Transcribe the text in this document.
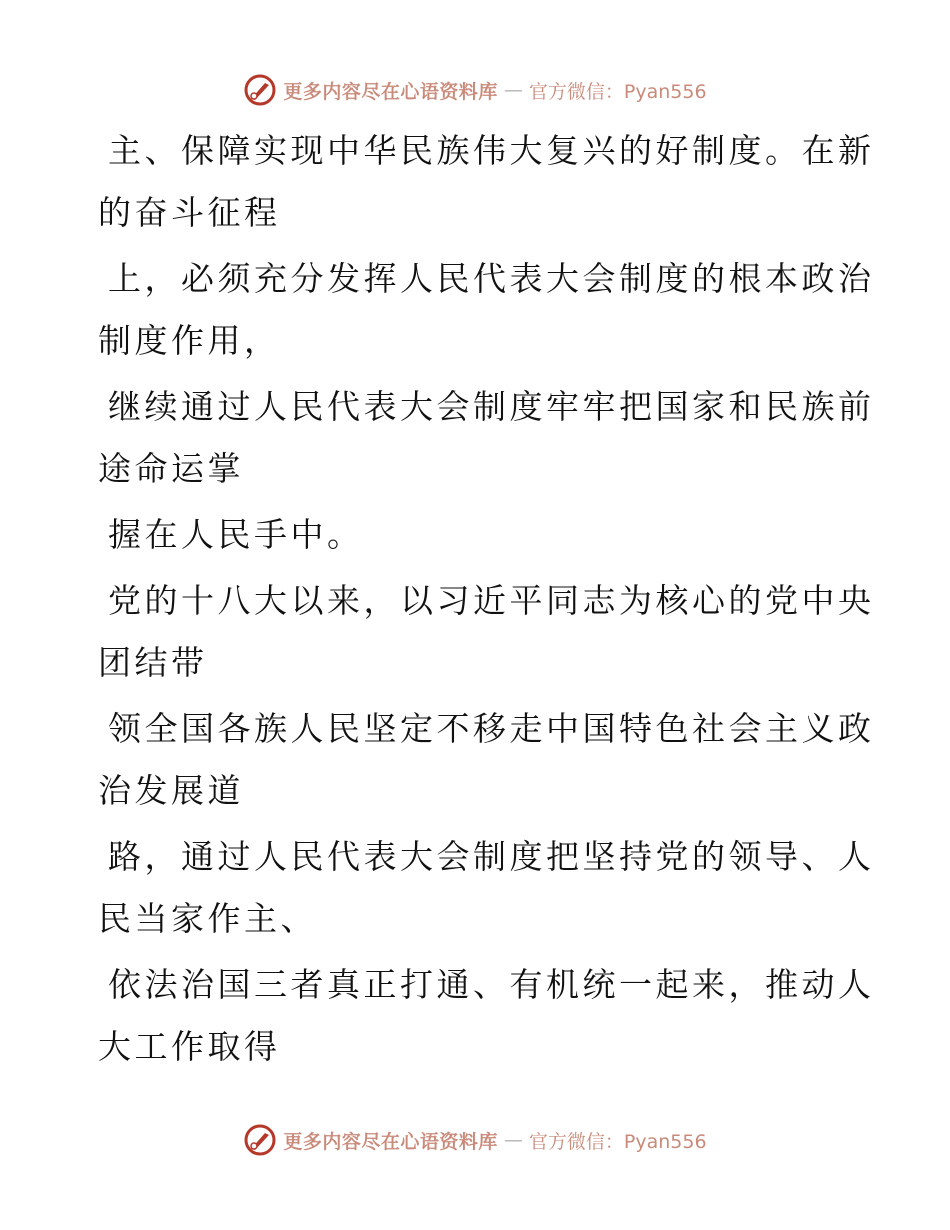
更多内容尽在心语资料库 — 官方微信：Pyan556

主、保障实现中华民族伟大复兴的好制度。在新
的奋斗征程

上，必须充分发挥人民代表大会制度的根本政治
制度作用，

继续通过人民代表大会制度牢牢把国家和民族前
途命运掌

握在人民手中。

党的十八大以来，以习近平同志为核心的党中央
团结带

领全国各族人民坚定不移走中国特色社会主义政
治发展道

路，通过人民代表大会制度把坚持党的领导、人
民当家作主、

依法治国三者真正打通、有机统一起来，推动人
大工作取得

更多内容尽在心语资料库 — 官方微信：Pyan556
